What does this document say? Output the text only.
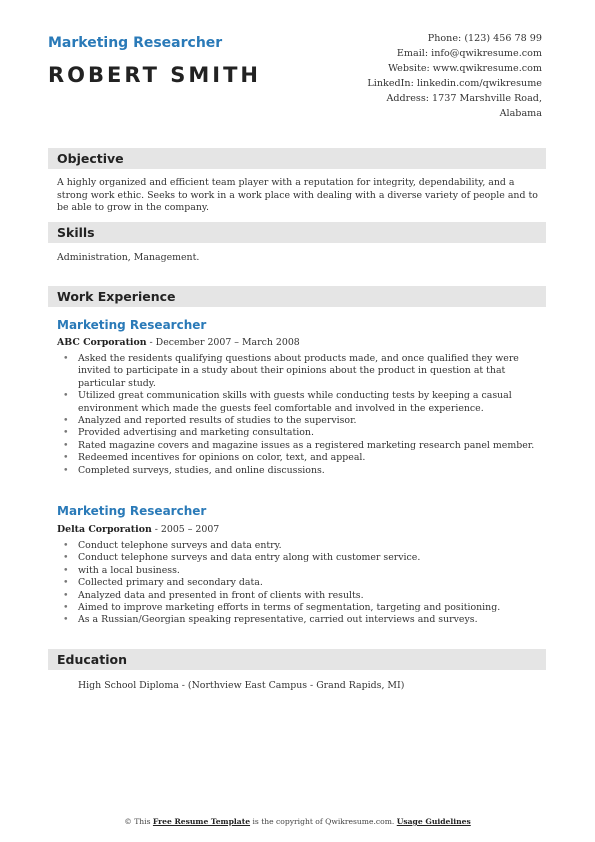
Marketing Researcher
ROBERT SMITH
Phone: (123) 456 78 99
Email: info@qwikresume.com
Website: www.qwikresume.com
LinkedIn: linkedin.com/qwikresume
Address: 1737 Marshville Road,
Alabama
Objective
A highly organized and efficient team player with a reputation for integrity, dependability, and a strong work ethic. Seeks to work in a work place with dealing with a diverse variety of people and to be able to grow in the company.
Skills
Administration, Management.
Work Experience
Marketing Researcher
ABC Corporation - December 2007 – March 2008
• Asked the residents qualifying questions about products made, and once qualified they were invited to participate in a study about their opinions about the product in question at that particular study.
• Utilized great communication skills with guests while conducting tests by keeping a casual environment which made the guests feel comfortable and involved in the experience.
• Analyzed and reported results of studies to the supervisor.
• Provided advertising and marketing consultation.
• Rated magazine covers and magazine issues as a registered marketing research panel member.
• Redeemed incentives for opinions on color, text, and appeal.
• Completed surveys, studies, and online discussions.
Marketing Researcher
Delta Corporation - 2005 – 2007
• Conduct telephone surveys and data entry.
• Conduct telephone surveys and data entry along with customer service.
• with a local business.
• Collected primary and secondary data.
• Analyzed data and presented in front of clients with results.
• Aimed to improve marketing efforts in terms of segmentation, targeting and positioning.
• As a Russian/Georgian speaking representative, carried out interviews and surveys.
Education
High School Diploma - (Northview East Campus - Grand Rapids, MI)
© This Free Resume Template is the copyright of Qwikresume.com. Usage Guidelines
